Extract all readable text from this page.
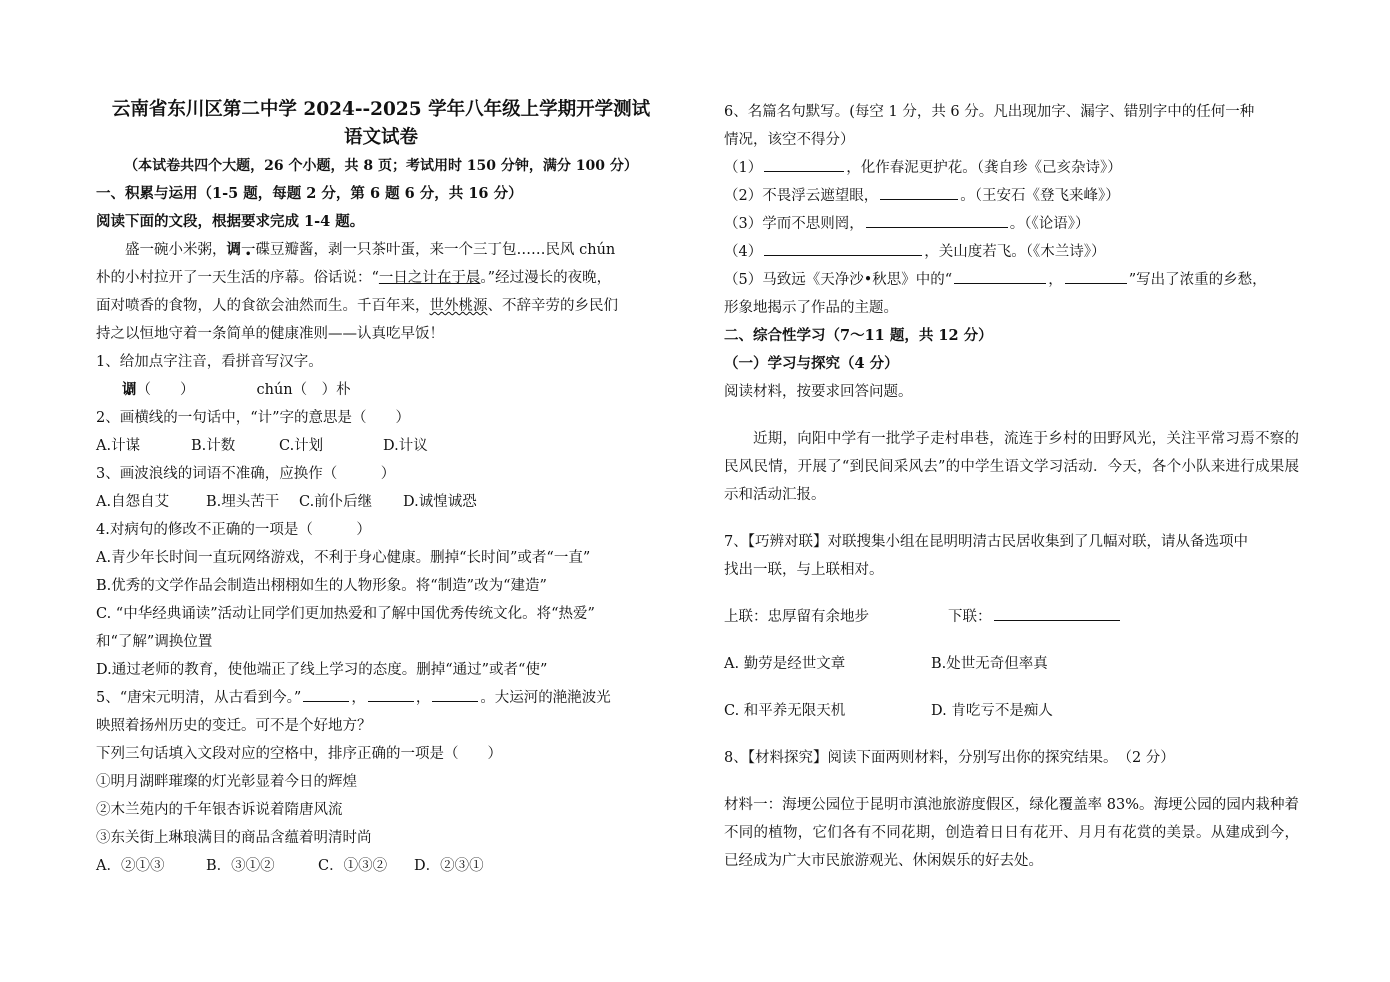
云南省东川区第二中学 2024--2025 学年八年级上学期开学测试
语文试卷
（本试卷共四个大题，26 个小题，共 8 页；考试用时 150 分钟，满分 100 分）
一、积累与运用（1-5 题，每题 2 分，第 6 题 6 分，共 16 分）
阅读下面的文段，根据要求完成 1-4 题。
盛一碗小米粥，调一碟豆瓣酱，剥一只茶叶蛋，来一个三丁包……民风 chún
朴的小村拉开了一天生活的序幕。俗话说：“一日之计在于晨。”经过漫长的夜晚，
面对喷香的食物，人的食欲会油然而生。千百年来，世外桃源、不辞辛劳的乡民们
持之以恒地守着一条简单的健康准则——认真吃早饭！
1、给加点字注音，看拼音写汉字。
调（　　）	chún（　）朴
2、画横线的一句话中，“计”字的意思是（　　）
A.计谋	B.计数	C.计划	D.计议
3、画波浪线的词语不准确，应换作（　　　）
A.自怨自艾	B.埋头苦干 C.前仆后继 D.诚惶诚恐
4.对病句的修改不正确的一项是（　　　）
A.青少年长时间一直玩网络游戏，不利于身心健康。删掉“长时间”或者“一直”
B.优秀的文学作品会制造出栩栩如生的人物形象。将“制造”改为“建造”
C. “中华经典诵读”活动让同学们更加热爱和了解中国优秀传统文化。将“热爱”
和“了解”调换位置
D.通过老师的教育，使他端正了线上学习的态度。删掉“通过”或者“使”
5、“唐宋元明清，从古看到今。”	，	，	。大运河的滟滟波光
映照着扬州历史的变迁。可不是个好地方？
下列三句话填入文段对应的空格中，排序正确的一项是（　　）
①明月湖畔璀璨的灯光彰显着今日的辉煌
②木兰苑内的千年银杏诉说着隋唐风流
③东关街上琳琅满目的商品含蕴着明清时尚
A．②①③	B．③①②	C．①③② D．②③①
6、名篇名句默写。(每空 1 分，共 6 分。凡出现加字、漏字、错别字中的任何一种
情况，该空不得分）
（1）	，化作春泥更护花。（龚自珍《己亥杂诗》）
（2）不畏浮云遮望眼，	。（王安石《登飞来峰》）
（3）学而不思则罔，	。（《论语》）
（4）	，关山度若飞。（《木兰诗》）
（5）马致远《天净沙•秋思》中的“	，	”写出了浓重的乡愁，
形象地揭示了作品的主题。
二、综合性学习（7～11 题，共 12 分）
（一）学习与探究（4 分）
阅读材料，按要求回答问题。
近期，向阳中学有一批学子走村串巷，流连于乡村的田野风光，关注平常习焉不察的民风民情，开展了“到民间采风去”的中学生语文学习活动．今天，各个小队来进行成果展示和活动汇报。
7、【巧辨对联】对联搜集小组在昆明明清古民居收集到了几幅对联，请从备选项中
找出一联，与上联相对。
上联：忠厚留有余地步	下联：
A. 勤劳是经世文章	B.处世无奇但率真
C. 和平养无限天机	D. 肯吃亏不是痴人
8、【材料探究】阅读下面两则材料，分别写出你的探究结果。　（2 分）
材料一：海埂公园位于昆明市滇池旅游度假区，绿化覆盖率 83%。海埂公园的园内栽种着不同的植物，它们各有不同花期，创造着日日有花开、月月有花赏的美景。从建成到今，已经成为广大市民旅游观光、休闲娱乐的好去处。
